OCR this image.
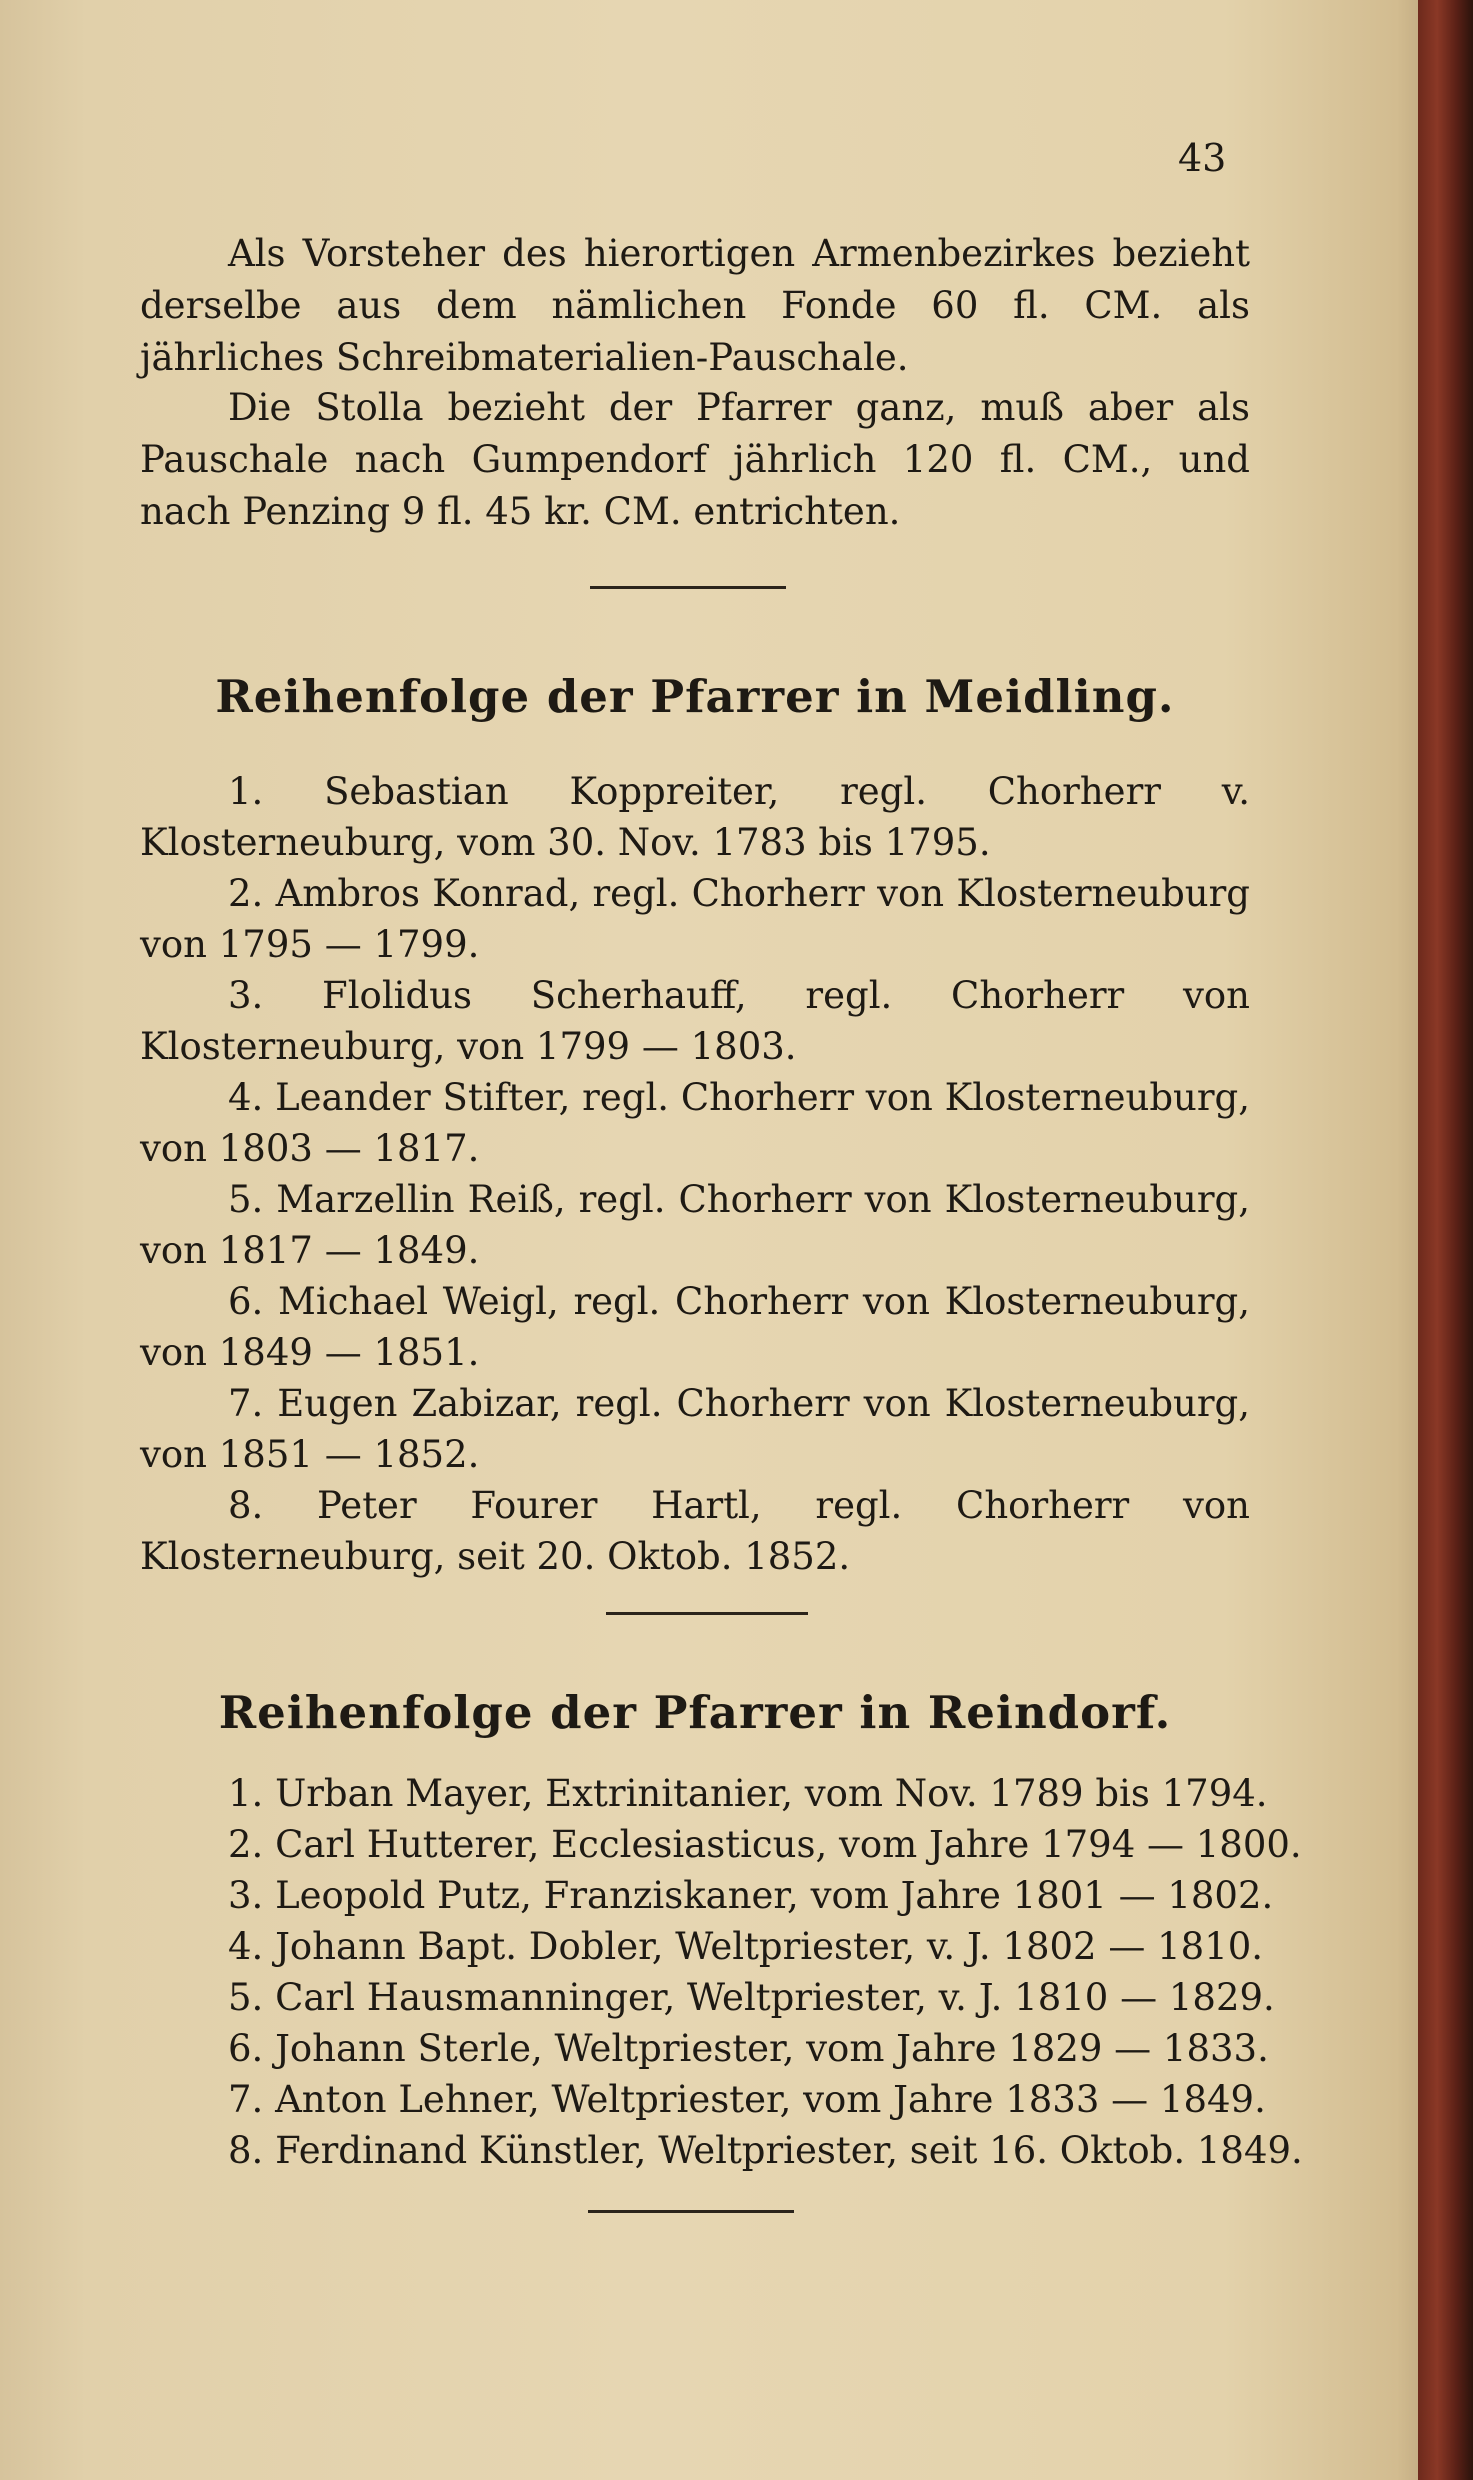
43

Als Vorsteher des hierortigen Armenbezirkes bezieht derselbe aus dem nämlichen Fonde 60 fl. CM. als jährliches Schreibmaterialien-Pauschale.

Die Stolla bezieht der Pfarrer ganz, muß aber als Pauschale nach Gumpendorf jährlich 120 fl. CM., und nach Penzing 9 fl. 45 kr. CM. entrichten.

Reihenfolge der Pfarrer in Meidling.
1. Sebastian Koppreiter, regl. Chorherr v. Klosterneuburg, vom 30. Nov. 1783 bis 1795.
2. Ambros Konrad, regl. Chorherr von Klosterneuburg von 1795 — 1799.
3. Flolidus Scherhauff, regl. Chorherr von Klosterneuburg, von 1799 — 1803.
4. Leander Stifter, regl. Chorherr von Klosterneuburg, von 1803 — 1817.
5. Marzellin Reiß, regl. Chorherr von Klosterneuburg, von 1817 — 1849.
6. Michael Weigl, regl. Chorherr von Klosterneuburg, von 1849 — 1851.
7. Eugen Zabizar, regl. Chorherr von Klosterneuburg, von 1851 — 1852.
8. Peter Fourer Hartl, regl. Chorherr von Klosterneuburg, seit 20. Oktob. 1852.
Reihenfolge der Pfarrer in Reindorf.
1. Urban Mayer, Extrinitanier, vom Nov. 1789 bis 1794.
2. Carl Hutterer, Ecclesiasticus, vom Jahre 1794 — 1800.
3. Leopold Putz, Franziskaner, vom Jahre 1801 — 1802.
4. Johann Bapt. Dobler, Weltpriester, v. J. 1802 — 1810.
5. Carl Hausmanninger, Weltpriester, v. J. 1810 — 1829.
6. Johann Sterle, Weltpriester, vom Jahre 1829 — 1833.
7. Anton Lehner, Weltpriester, vom Jahre 1833 — 1849.
8. Ferdinand Künstler, Weltpriester, seit 16. Oktob. 1849.
